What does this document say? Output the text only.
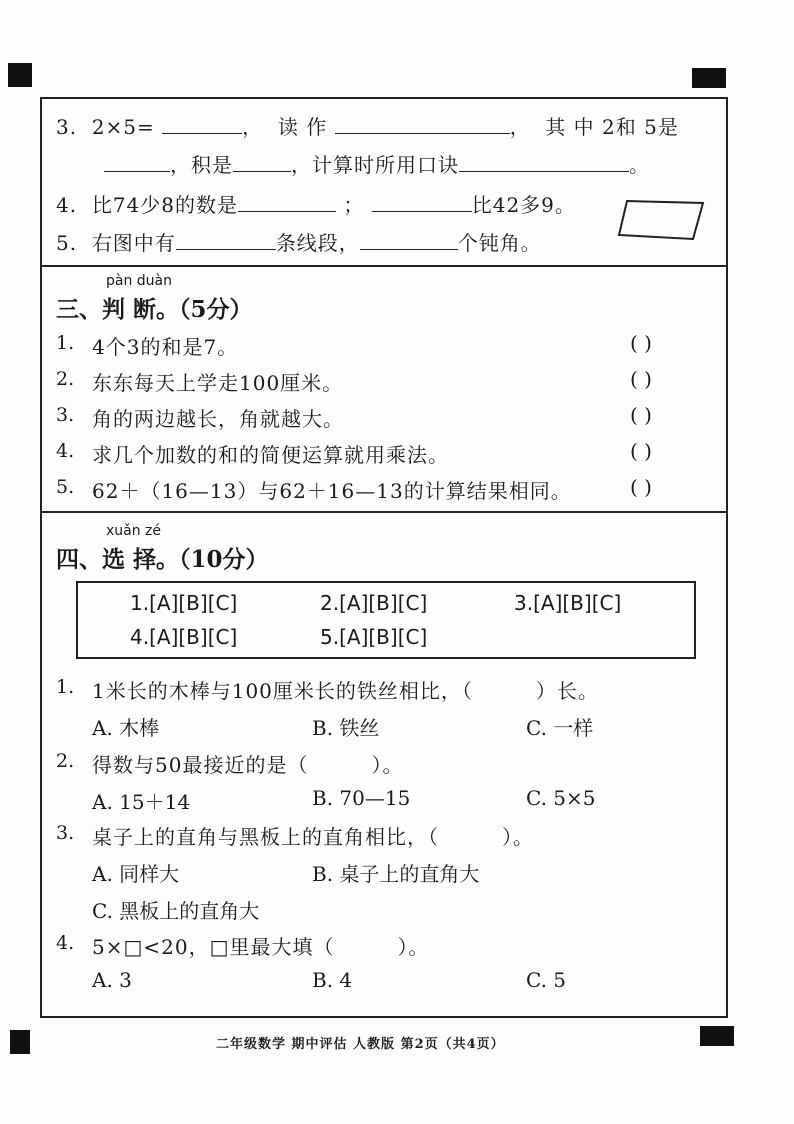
3. 2×5=	， 读 作	， 其 中 2和 5是
，积是	，计算时所用口诀	。
4. 比74少8的数是	；	比42多9。
5. 右图中有	条线段，	个钝角。
pàn duàn
三、判 断。（5分）
1. 4个3的和是7。	( )
2. 东东每天上学走100厘米。	( )
3. 角的两边越长，角就越大。	( )
4. 求几个加数的和的简便运算就用乘法。	( )
5. 62＋（16—13）与62＋16—13的计算结果相同。	( )
xuǎn zé
四、选 择。（10分）
1.[A][B][C]	2.[A][B][C]	3.[A][B][C]
4.[A][B][C]	5.[A][B][C]
1. 1米长的木棒与100厘米长的铁丝相比，（　　　）长。
A. 木棒	B. 铁丝	C. 一样
2. 得数与50最接近的是（　　　）。
A. 15＋14	B. 70—15	C. 5×5
3. 桌子上的直角与黑板上的直角相比，（　　　）。
A. 同样大	B. 桌子上的直角大
C. 黑板上的直角大
4. 5×□<20，□里最大填（　　　）。
A. 3	B. 4	C. 5
二年级数学 期中评估 人教版 第2页（共4页）
